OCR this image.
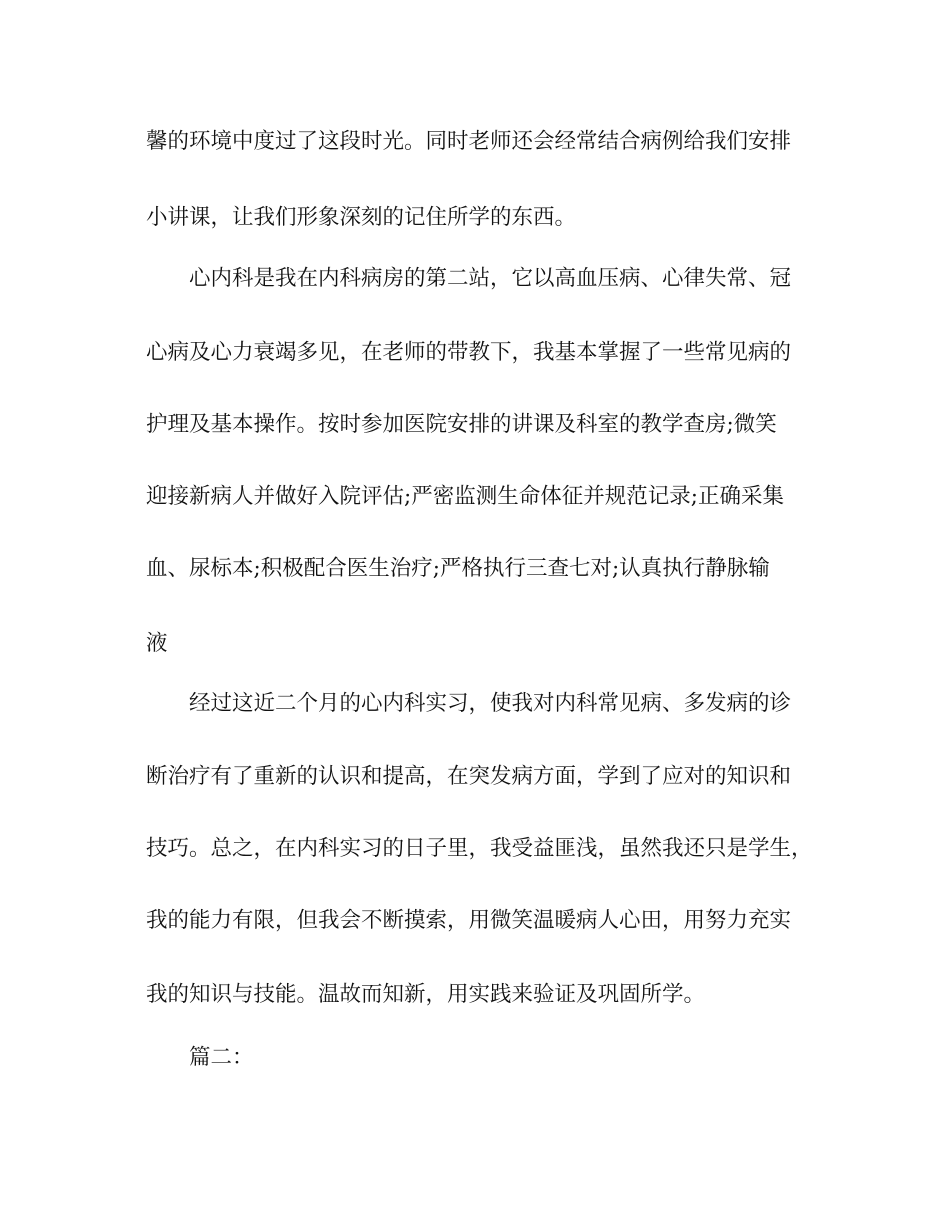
馨的环境中度过了这段时光。同时老师还会经常结合病例给我们安排
小讲课，让我们形象深刻的记住所学的东西。
心内科是我在内科病房的第二站，它以高血压病、心律失常、冠
心病及心力衰竭多见，在老师的带教下，我基本掌握了一些常见病的
护理及基本操作。按时参加医院安排的讲课及科室的教学查房;微笑
迎接新病人并做好入院评估;严密监测生命体征并规范记录;正确采集
血、尿标本;积极配合医生治疗;严格执行三查七对;认真执行静脉输
液
经过这近二个月的心内科实习，使我对内科常见病、多发病的诊
断治疗有了重新的认识和提高，在突发病方面，学到了应对的知识和
技巧。总之，在内科实习的日子里，我受益匪浅，虽然我还只是学生，
我的能力有限，但我会不断摸索，用微笑温暖病人心田，用努力充实
我的知识与技能。温故而知新，用实践来验证及巩固所学。
篇二：
